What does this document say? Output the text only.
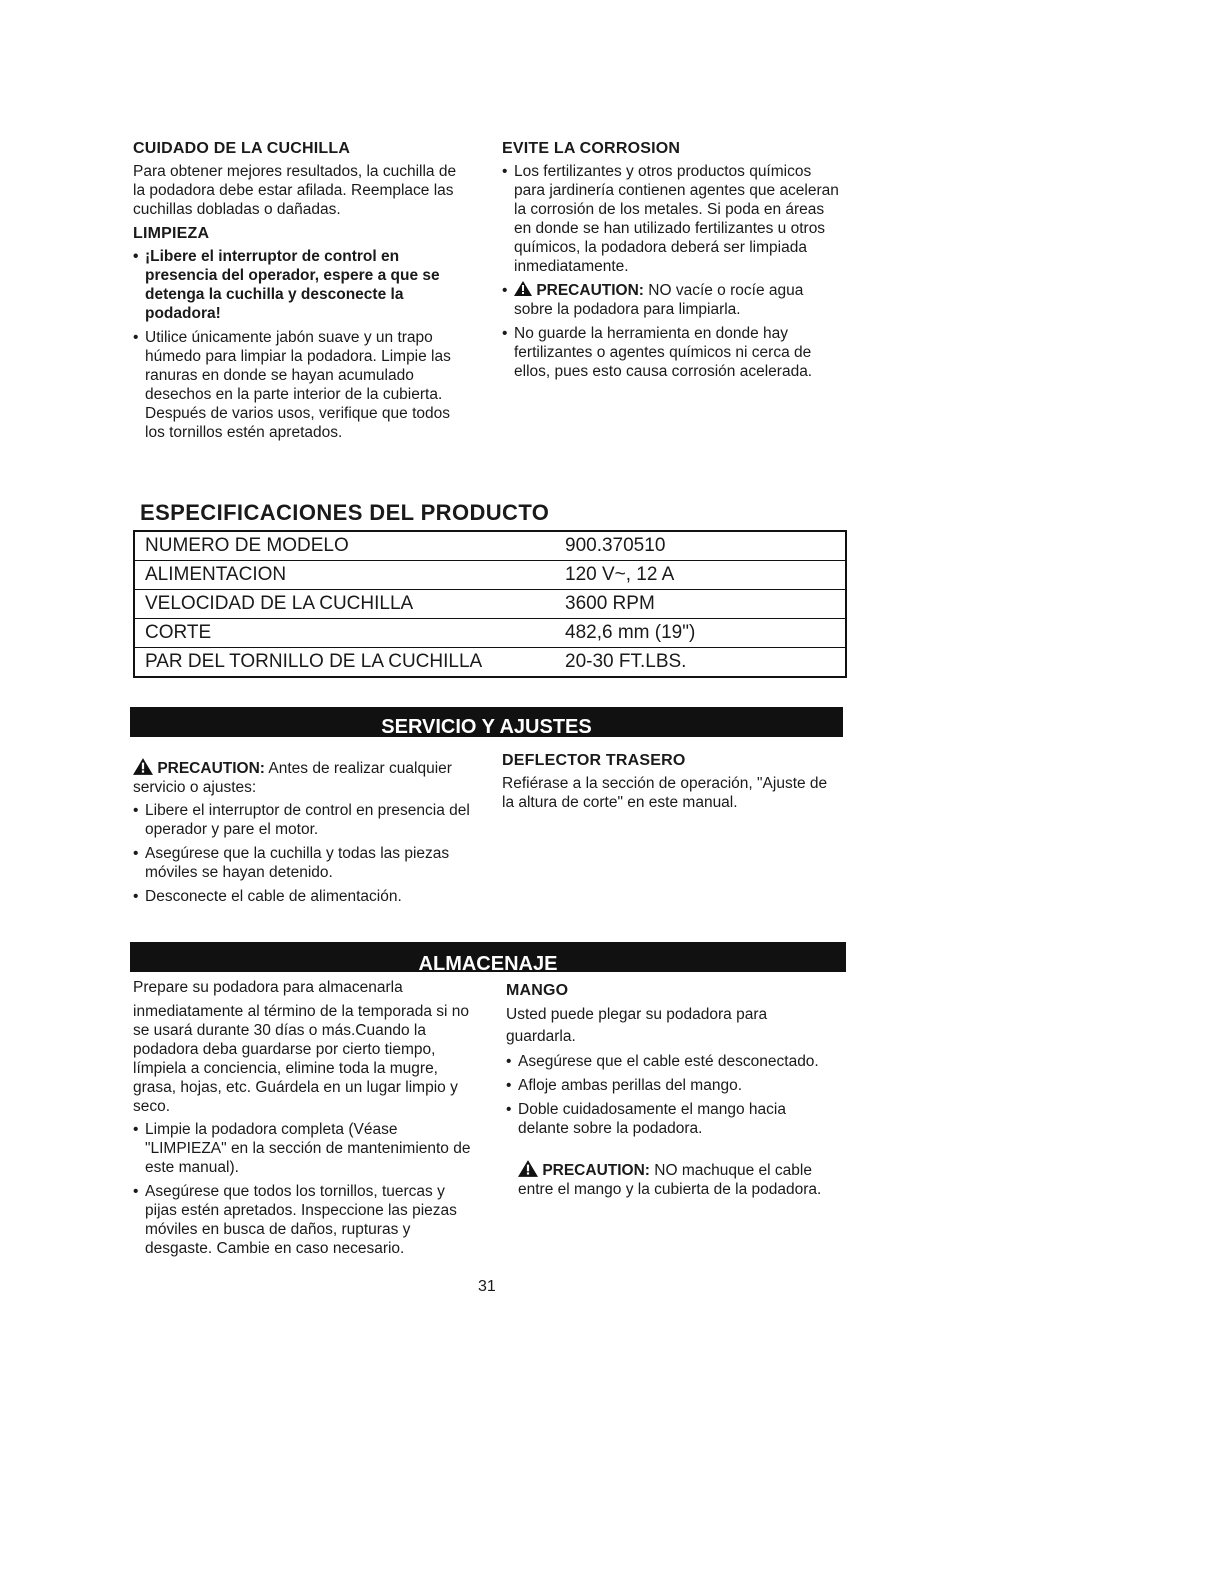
CUIDADO DE LA CUCHILLA

Para obtener mejores resultados, la cuchilla de la podadora debe estar afilada. Reemplace las cuchillas dobladas o dañadas.

LIMPIEZA
• ¡Libere el interruptor de control en presencia del operador, espere a que se detenga la cuchilla y desconecte la podadora!
• Utilice únicamente jabón suave y un trapo húmedo para limpiar la podadora. Limpie las ranuras en donde se hayan acumulado desechos en la parte interior de la cubierta. Después de varios usos, verifique que todos los tornillos estén apretados.
EVITE LA CORROSION
• Los fertilizantes y otros productos químicos para jardinería contienen agentes que aceleran la corrosión de los metales. Si poda en áreas en donde se han utilizado fertilizantes u otros químicos, la podadora deberá ser limpiada inmediatamente.
• PRECAUTION: NO vacíe o rocíe agua sobre la podadora para limpiarla.
• No guarde la herramienta en donde hay fertilizantes o agentes químicos ni cerca de ellos, pues esto causa corrosión acelerada.
ESPECIFICACIONES DEL PRODUCTO
NUMERO DE MODELO	900.370510
ALIMENTACION	120 V~, 12 A
VELOCIDAD DE LA CUCHILLA	3600 RPM
CORTE	482,6 mm (19")
PAR DEL TORNILLO DE LA CUCHILLA	20-30 FT.LBS.
SERVICIO Y AJUSTES

PRECAUTION: Antes de realizar cualquier servicio o ajustes:

• Libere el interruptor de control en presencia del operador y pare el motor.
• Asegúrese que la cuchilla y todas las piezas móviles se hayan detenido.
• Desconecte el cable de alimentación.
DEFLECTOR TRASERO

Refiérase a la sección de operación, "Ajuste de la altura de corte" en este manual.

ALMACENAJE

Prepare su podadora para almacenarla

inmediatamente al término de la temporada si no se usará durante 30 días o más.Cuando la podadora deba guardarse por cierto tiempo, límpiela a conciencia, elimine toda la mugre, grasa, hojas, etc. Guárdela en un lugar limpio y seco.

• Limpie la podadora completa (Véase "LIMPIEZA" en la sección de mantenimiento de este manual).
• Asegúrese que todos los tornillos, tuercas y pijas estén apretados. Inspeccione las piezas móviles en busca de daños, rupturas y desgaste. Cambie en caso necesario.
MANGO

Usted puede plegar su podadora para guardarla.

• Asegúrese que el cable esté desconectado.
• Afloje ambas perillas del mango.
• Doble cuidadosamente el mango hacia delante sobre la podadora.

PRECAUTION: NO machuque el cable entre el mango y la cubierta de la podadora.

31
